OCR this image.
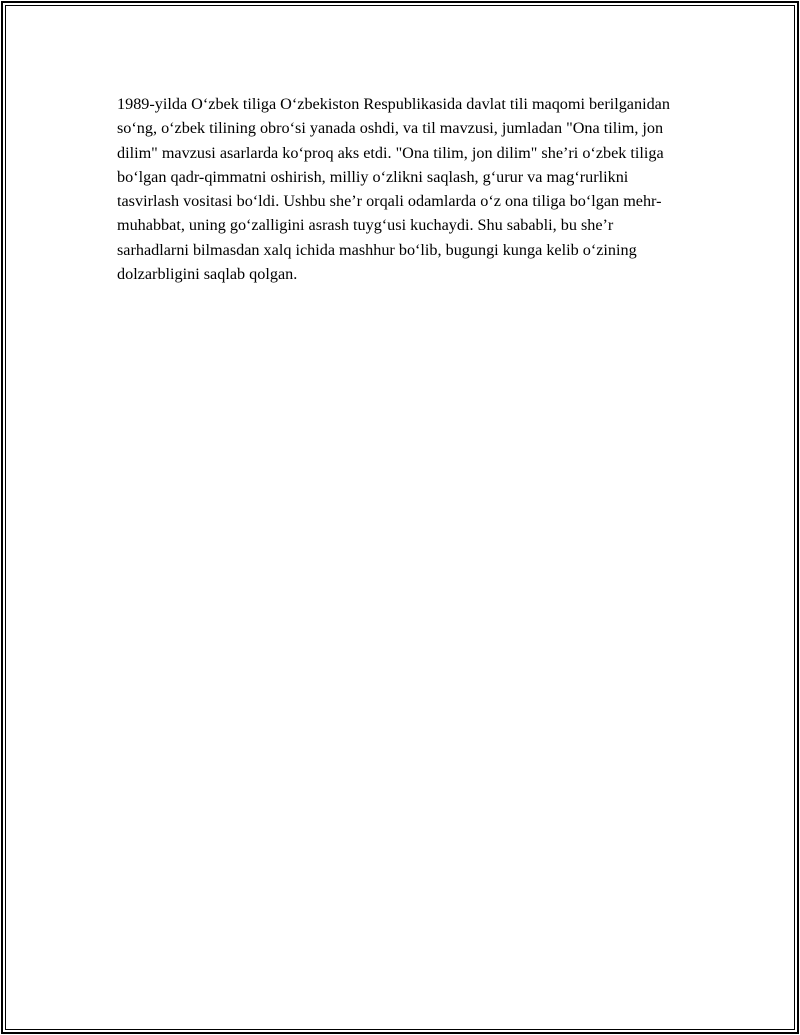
1989-yilda O‘zbek tiliga O‘zbekiston Respublikasida davlat tili maqomi berilganidan so‘ng, o‘zbek tilining obro‘si yanada oshdi, va til mavzusi, jumladan "Ona tilim, jon dilim" mavzusi asarlarda ko‘proq aks etdi. "Ona tilim, jon dilim" she’ri o‘zbek tiliga bo‘lgan qadr-qimmatni oshirish, milliy o‘zlikni saqlash, g‘urur va mag‘rurlikni tasvirlash vositasi bo‘ldi. Ushbu she’r orqali odamlarda o‘z ona tiliga bo‘lgan mehr-muhabbat, uning go‘zalligini asrash tuyg‘usi kuchaydi. Shu sababli, bu she’r sarhadlarni bilmasdan xalq ichida mashhur bo‘lib, bugungi kunga kelib o‘zining dolzarbligini saqlab qolgan.
